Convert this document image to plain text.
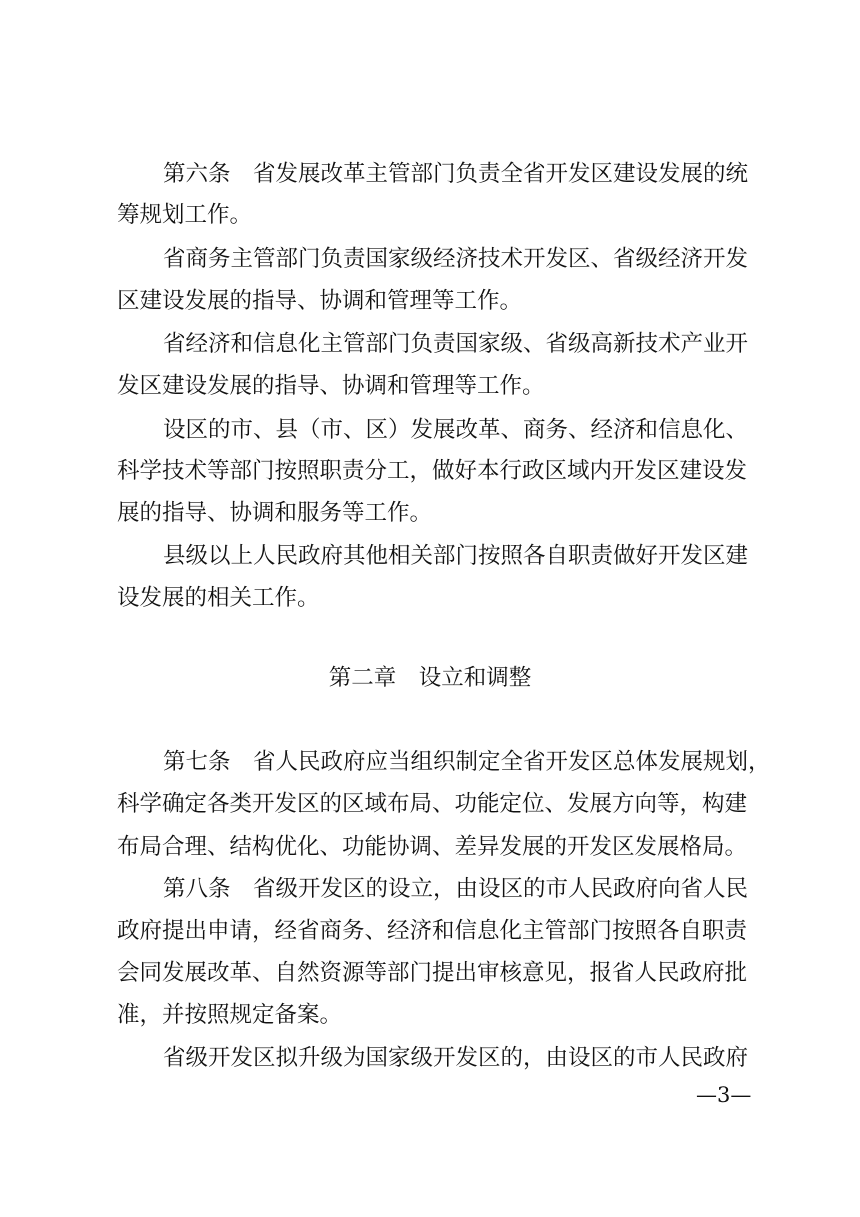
第六条　省发展改革主管部门负责全省开发区建设发展的统
筹规划工作。
省商务主管部门负责国家级经济技术开发区、省级经济开发
区建设发展的指导、协调和管理等工作。
省经济和信息化主管部门负责国家级、省级高新技术产业开
发区建设发展的指导、协调和管理等工作。
设区的市、县（市、区）发展改革、商务、经济和信息化、
科学技术等部门按照职责分工，做好本行政区域内开发区建设发
展的指导、协调和服务等工作。
县级以上人民政府其他相关部门按照各自职责做好开发区建
设发展的相关工作。
第二章　设立和调整
第七条　省人民政府应当组织制定全省开发区总体发展规划，
科学确定各类开发区的区域布局、功能定位、发展方向等，构建
布局合理、结构优化、功能协调、差异发展的开发区发展格局。
第八条　省级开发区的设立，由设区的市人民政府向省人民
政府提出申请，经省商务、经济和信息化主管部门按照各自职责
会同发展改革、自然资源等部门提出审核意见，报省人民政府批
准，并按照规定备案。
省级开发区拟升级为国家级开发区的，由设区的市人民政府
—3—
